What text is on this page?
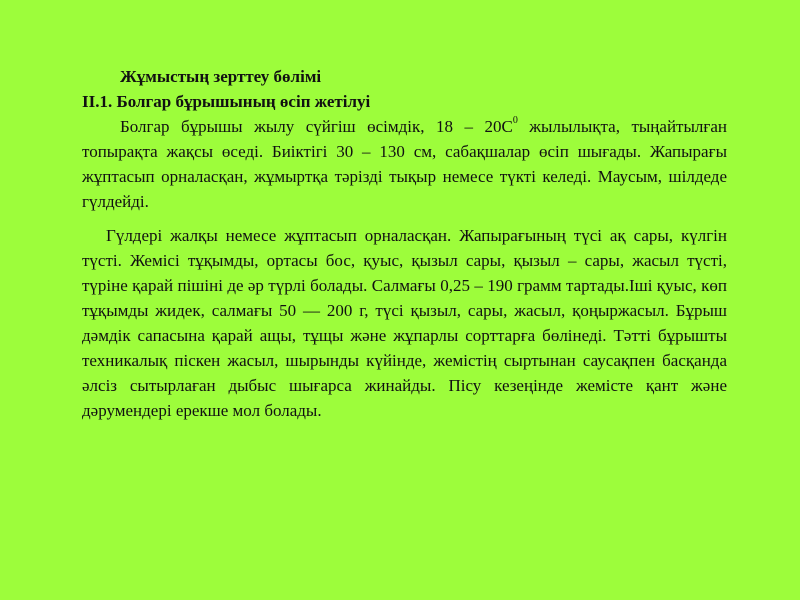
Жұмыстың зерттеу бөлімі

II.1. Болгар бұрышының өсіп жетілуі

Болгар бұрышы жылу сүйгіш өсімдік, $18 - 20С^0$ жылылықта, тыңайтылған топырақта жақсы өседі. Биіктігі 30 – 130 см, сабақшалар өсіп шығады. Жапырағы жұптасып орналасқан, жұмыртқа тәрізді тықыр немесе түкті келеді. Маусым, шілдеде гүлдейді.

Гүлдері жалқы немесе жұптасып орналасқан. Жапырағының түсі ақ сары, күлгін түсті. Жемісі тұқымды, ортасы бос, қуыс, қызыл сары, қызыл – сары, жасыл түсті, түріне қарай пішіні де әр түрлі болады. Салмағы 0,25 – 190 грамм тартады.Іші қуыс, көп тұқымды жидек, салмағы 50 — 200 г, түсі қызыл, сары, жасыл, қоңыржасыл. Бұрыш дәмдік сапасына қарай ащы, тұщы және жұпарлы сорттарға бөлінеді. Тәтті бұрышты техникалық піскен жасыл, шырынды күйінде, жемістің сыртынан саусақпен басқанда әлсіз сытырлаған дыбыс шығарса жинайды. Пісу кезеңінде жемісте қант және дәрумендері ерекше мол болады.
